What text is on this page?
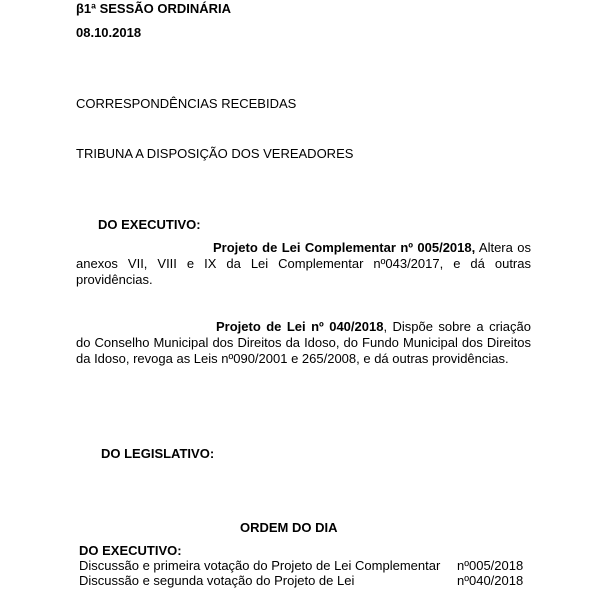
β1ª SESSÃO ORDINÁRIA
08.10.2018
CORRESPONDÊNCIAS RECEBIDAS
TRIBUNA A DISPOSIÇÃO DOS VEREADORES
DO EXECUTIVO:
Projeto de Lei Complementar nº 005/2018, Altera os anexos VII, VIII e IX da Lei Complementar nº043/2017, e dá outras providências.
Projeto de Lei nº 040/2018, Dispõe sobre a criação do Conselho Municipal dos Direitos da Idoso, do Fundo Municipal dos Direitos da Idoso, revoga as Leis nº090/2001 e 265/2008, e dá outras providências.
DO LEGISLATIVO:
ORDEM DO DIA
DO EXECUTIVO:
Discussão e primeira votação do Projeto de Lei Complementar nº005/2018
Discussão e segunda votação do Projeto de Lei	nº040/2018
